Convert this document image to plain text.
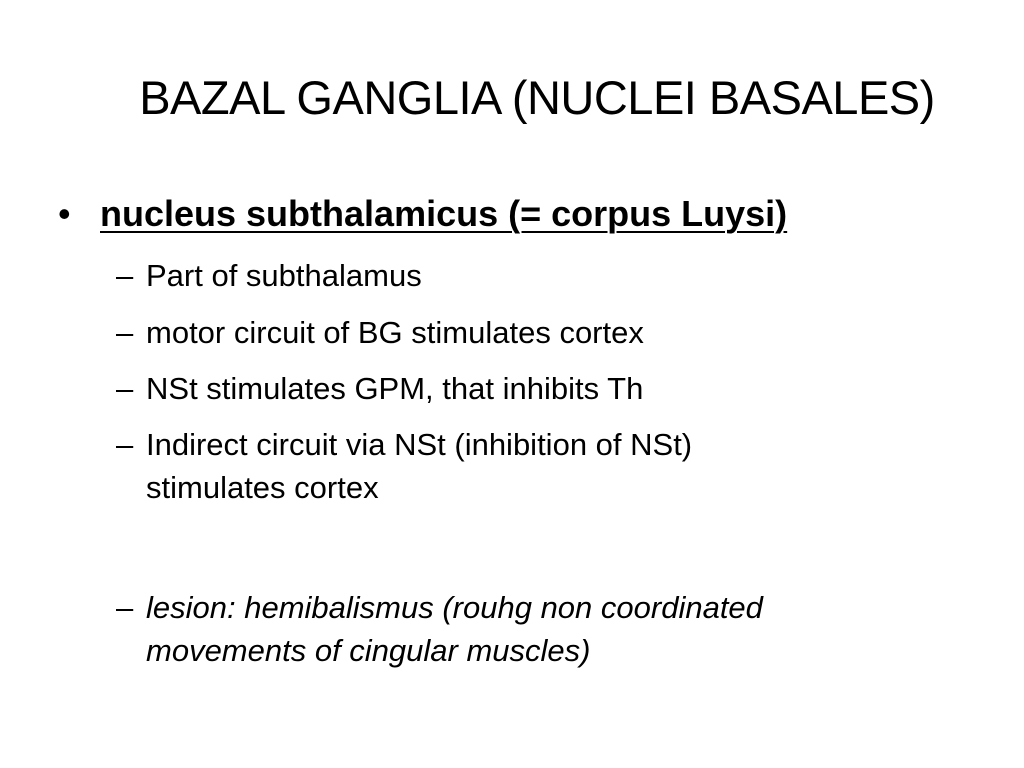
BAZAL GANGLIA (NUCLEI BASALES)
• nucleus subthalamicus (= corpus Luysi)
– Part of subthalamus
– motor circuit of BG stimulates cortex
– NSt stimulates GPM, that inhibits Th
– Indirect circuit via NSt (inhibition of NSt)
stimulates cortex
– lesion: hemibalismus (rouhg non coordinated
movements of cingular muscles)
